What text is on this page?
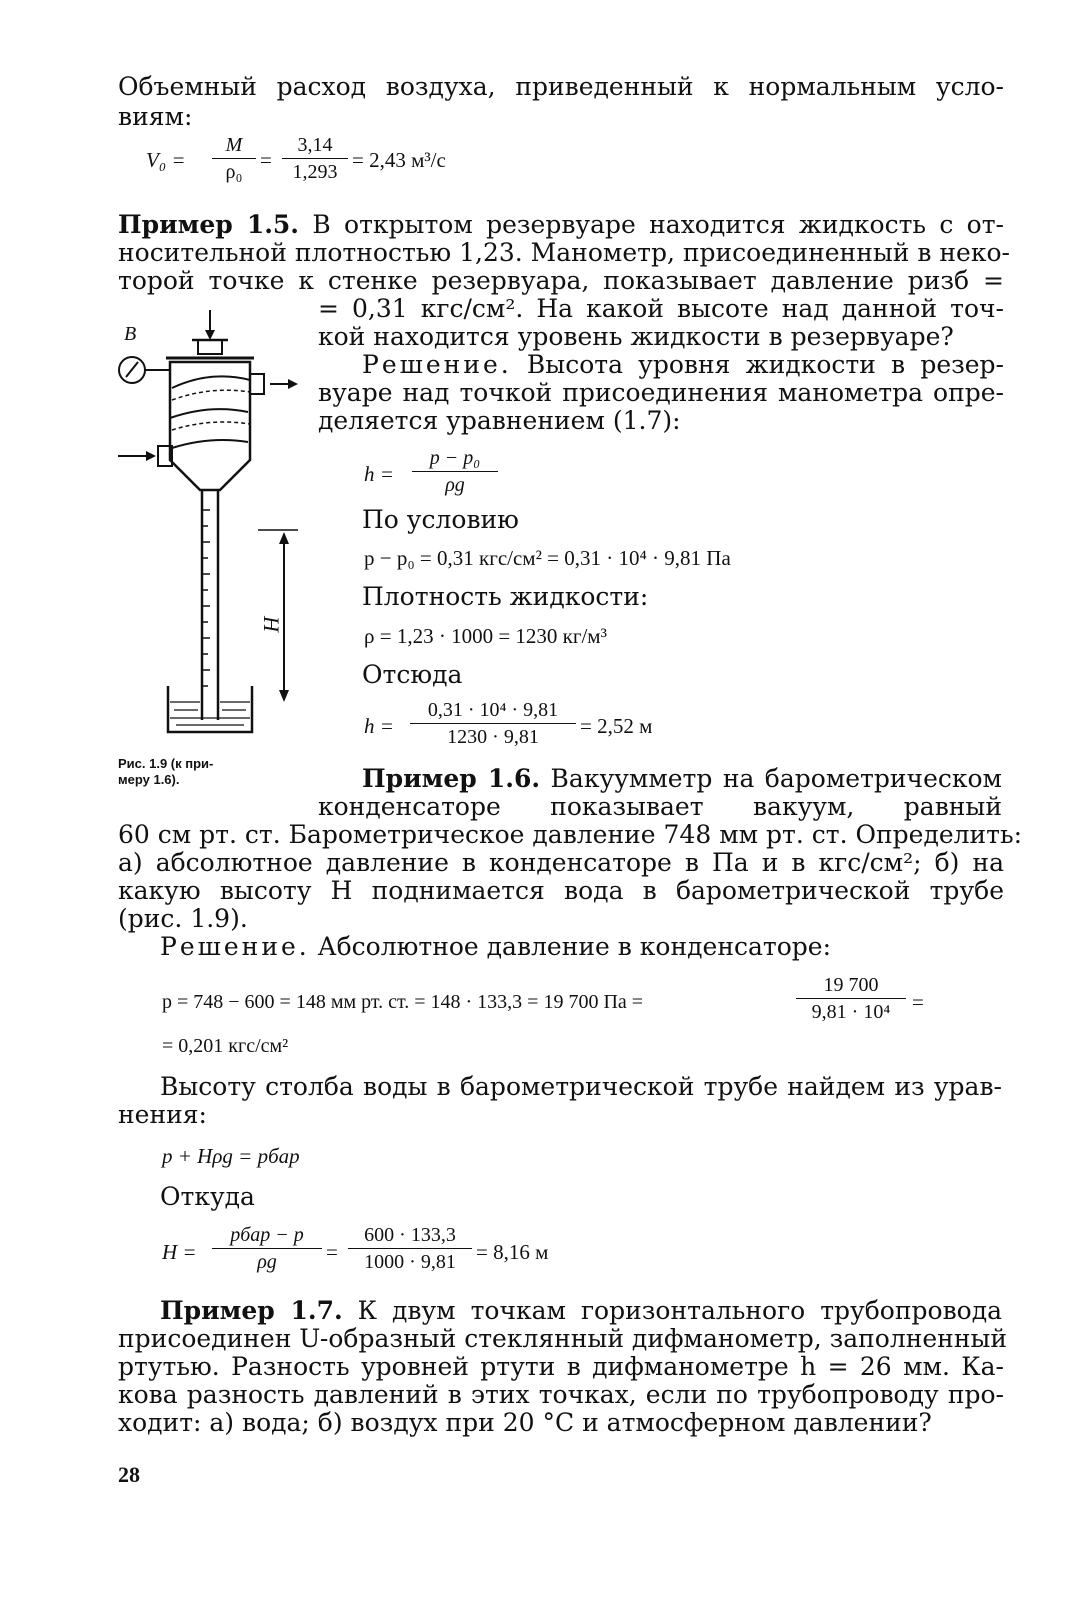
Объемный расход воздуха, приведенный к нормальным усло-

виям:

$V_0 = \frac{M}{\text{ρ₀}} = \frac{3,14}{1,293} = 2,43$ м³/с

Пример 1.5. В открытом резервуаре находится жидкость с от-

носительной плотностью 1,23. Манометр, присоединенный в неко-

торой точке к стенке резервуара, показывает давление pизб =

= 0,31 кгс/см². На какой высоте над данной точ-

кой находится уровень жидкости в резервуаре?

Решение. Высота уровня жидкости в резер-

вуаре над точкой присоединения манометра опре-

деляется уравнением (1.7):

$h = \frac{\text{p − p₀}}{\rho g}$

По условию

p − p₀ = 0,31 кгс/см² = 0,31 · 10⁴ · 9,81 Па

Плотность жидкости:

ρ = 1,23 · 1000 = 1230 кг/м³

Отсюда

$h = \frac{\text{0,31 · 10⁴ · 9,81}}{1230 \cdot 9,81} = 2,52$ м
H
B
Рис. 1.9 (к при-
меру 1.6).	Пример 1.6. Вакуумметр на барометрическом

конденсаторе показывает вакуум, равный

60 см рт. ст. Барометрическое давление 748 мм рт. ст. Определить:

а) абсолютное давление в конденсаторе в Па и в кгс/см²; б) на

какую высоту H поднимается вода в барометрической трубе

(рис. 1.9).

Решение. Абсолютное давление в конденсаторе:

p = 748 − 600 = 148 мм рт. ст. = 148 · 133,3 = 19 700 Па =	$\frac{19 700}{\text{9,81 · 10⁴}}$ =
= 0,201 кгс/см²

Высоту столба воды в барометрической трубе найдем из урав-

нения:

p + Hρg = pбар

Откуда

H =
pбар − p
ρg	= $\frac{600 \cdot 133,3}{1000 \cdot 9,81} = 8,16$ м

Пример 1.7. К двум точкам горизонтального трубопровода

присоединен U-образный стеклянный дифманометр, заполненный

ртутью. Разность уровней ртути в дифманометре h = 26 мм. Ка-

кова разность давлений в этих точках, если по трубопроводу про-

ходит: а) вода; б) воздух при 20 °С и атмосферном давлении?

28
